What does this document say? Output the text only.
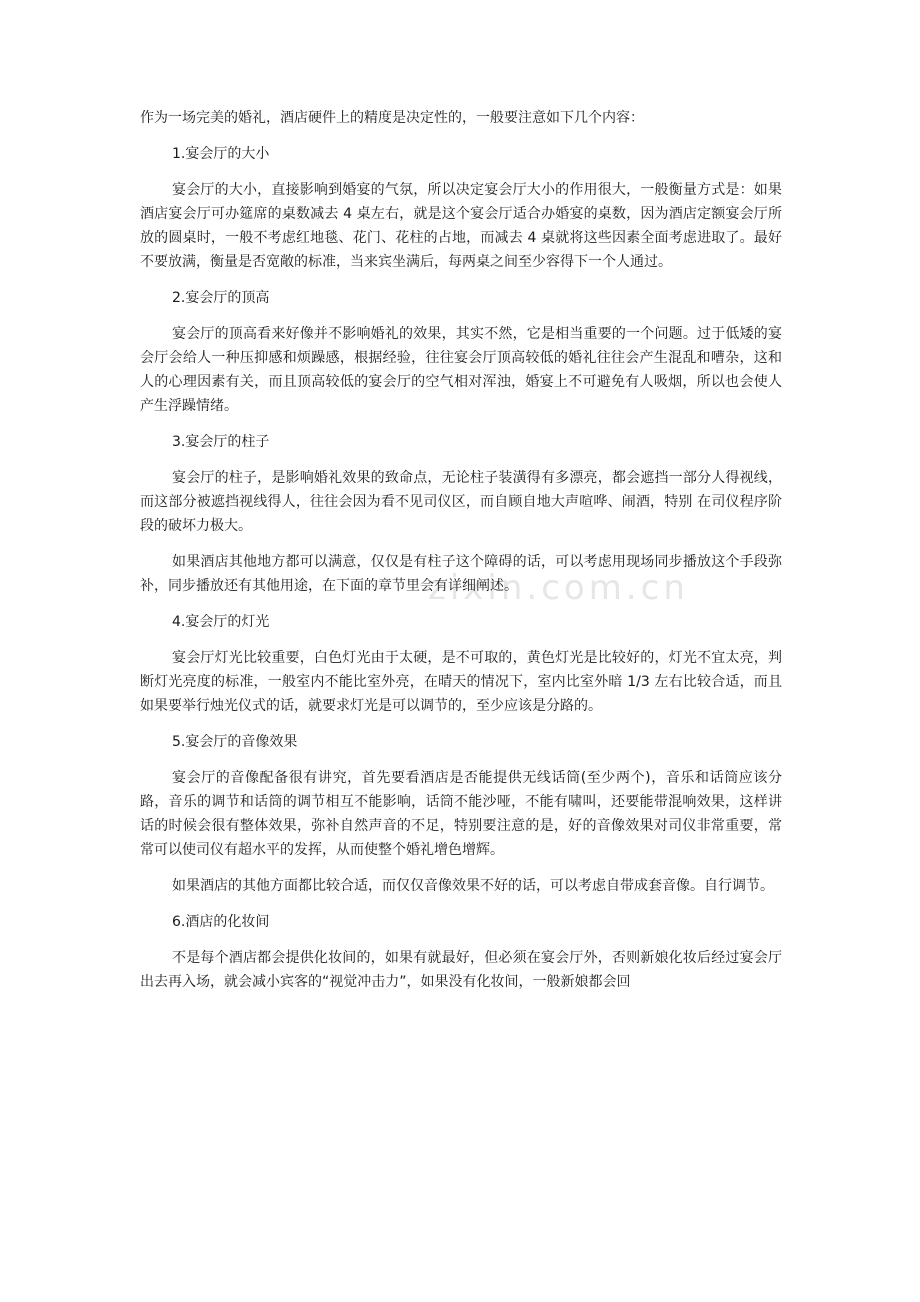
zixin.com.cn

作为一场完美的婚礼，酒店硬件上的精度是决定性的，一般要注意如下几个内容：

1.宴会厅的大小

宴会厅的大小，直接影响到婚宴的气氛，所以决定宴会厅大小的作用很大，一般衡量方式是：如果酒店宴会厅可办筵席的桌数减去 4 桌左右，就是这个宴会厅适合办婚宴的桌数，因为酒店定额宴会厅所放的圆桌时，一般不考虑红地毯、花门、花柱的占地，而减去 4 桌就将这些因素全面考虑进取了。最好不要放满，衡量是否宽敞的标准，当来宾坐满后，每两桌之间至少容得下一个人通过。

2.宴会厅的顶高

宴会厅的顶高看来好像并不影响婚礼的效果，其实不然，它是相当重要的一个问题。过于低矮的宴会厅会给人一种压抑感和烦躁感，根据经验，往往宴会厅顶高较低的婚礼往往会产生混乱和嘈杂，这和人的心理因素有关，而且顶高较低的宴会厅的空气相对浑浊，婚宴上不可避免有人吸烟，所以也会使人产生浮躁情绪。

3.宴会厅的柱子

宴会厅的柱子，是影响婚礼效果的致命点，无论柱子装潢得有多漂亮，都会遮挡一部分人得视线，而这部分被遮挡视线得人，往往会因为看不见司仪区，而自顾自地大声喧哗、闹酒，特别 在司仪程序阶段的破坏力极大。

如果酒店其他地方都可以满意，仅仅是有柱子这个障碍的话，可以考虑用现场同步播放这个手段弥补，同步播放还有其他用途，在下面的章节里会有详细阐述。

4.宴会厅的灯光

宴会厅灯光比较重要，白色灯光由于太硬，是不可取的，黄色灯光是比较好的，灯光不宜太亮，判断灯光亮度的标准，一般室内不能比室外亮，在晴天的情况下，室内比室外暗 1/3 左右比较合适，而且如果要举行烛光仪式的话，就要求灯光是可以调节的，至少应该是分路的。

5.宴会厅的音像效果

宴会厅的音像配备很有讲究，首先要看酒店是否能提供无线话筒(至少两个)，音乐和话筒应该分路，音乐的调节和话筒的调节相互不能影响，话筒不能沙哑，不能有啸叫，还要能带混响效果，这样讲话的时候会很有整体效果，弥补自然声音的不足，特别要注意的是，好的音像效果对司仪非常重要，常常可以使司仪有超水平的发挥，从而使整个婚礼增色增辉。

如果酒店的其他方面都比较合适，而仅仅音像效果不好的话，可以考虑自带成套音像。自行调节。

6.酒店的化妆间

不是每个酒店都会提供化妆间的，如果有就最好，但必须在宴会厅外，否则新娘化妆后经过宴会厅出去再入场，就会减小宾客的“视觉冲击力”，如果没有化妆间，一般新娘都会回
